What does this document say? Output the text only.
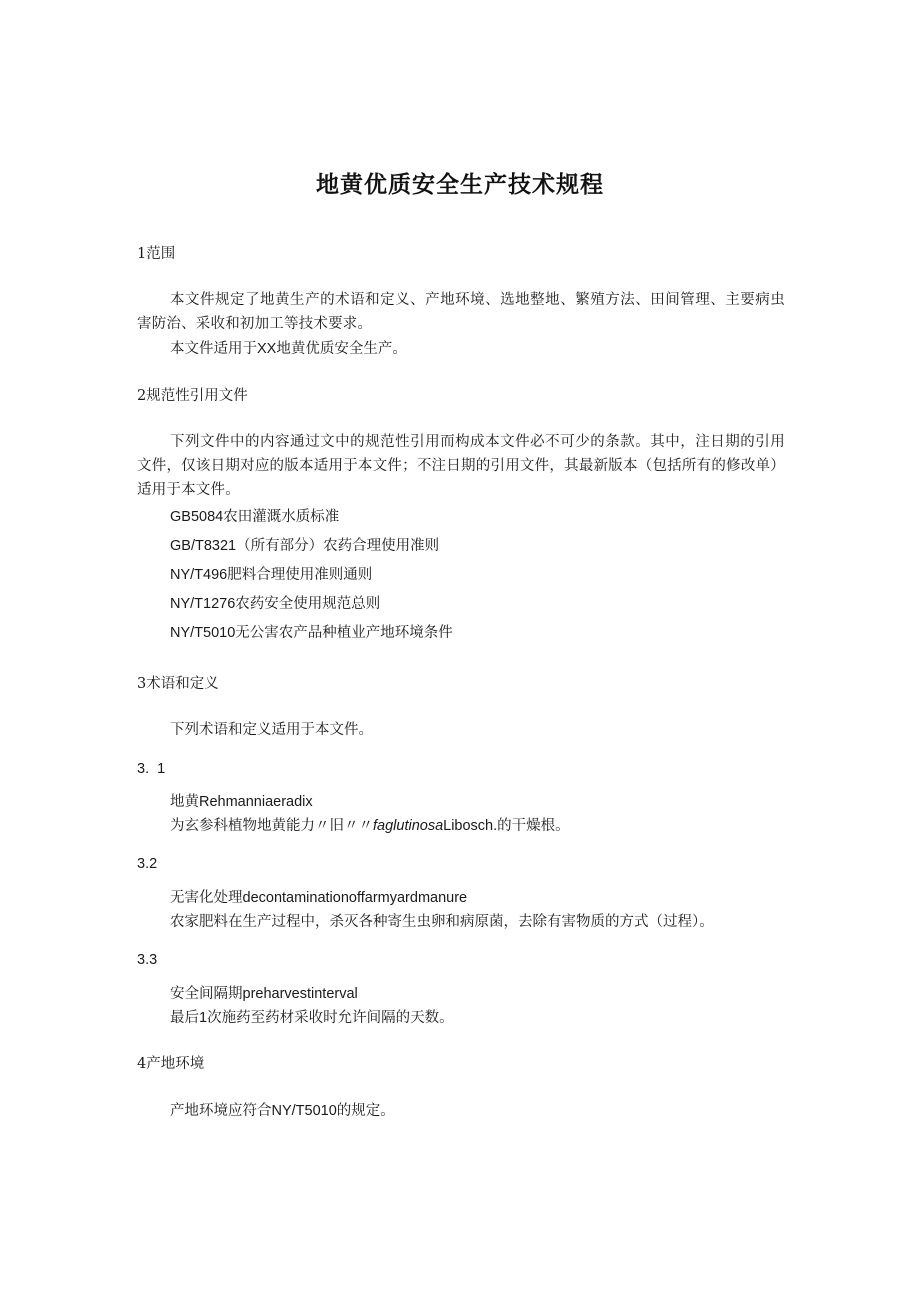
地黄优质安全生产技术规程
1范围
本文件规定了地黄生产的术语和定义、产地环境、选地整地、繁殖方法、田间管理、主要病虫害防治、采收和初加工等技术要求。
本文件适用于XX地黄优质安全生产。
2规范性引用文件
下列文件中的内容通过文中的规范性引用而构成本文件必不可少的条款。其中，注日期的引用文件，仅该日期对应的版本适用于本文件；不注日期的引用文件，其最新版本（包括所有的修改单）适用于本文件。
GB5084农田灌溉水质标准
GB/T8321（所有部分）农药合理使用准则
NY/T496肥料合理使用准则通则
NY/T1276农药安全使用规范总则
NY/T5010无公害农产品种植业产地环境条件
3术语和定义
下列术语和定义适用于本文件。
3.  1
地黄Rehmanniaeradix
为玄参科植物地黄能力〃旧〃〃faglutinosaLibosch.的干燥根。
3.2
无害化处理decontaminationoffarmyardmanure
农家肥料在生产过程中，杀灭各种寄生虫卵和病原菌，去除有害物质的方式（过程）。
3.3
安全间隔期preharvestinterval
最后1次施药至药材采收时允许间隔的天数。
4产地环境
产地环境应符合NY/T5010的规定。
